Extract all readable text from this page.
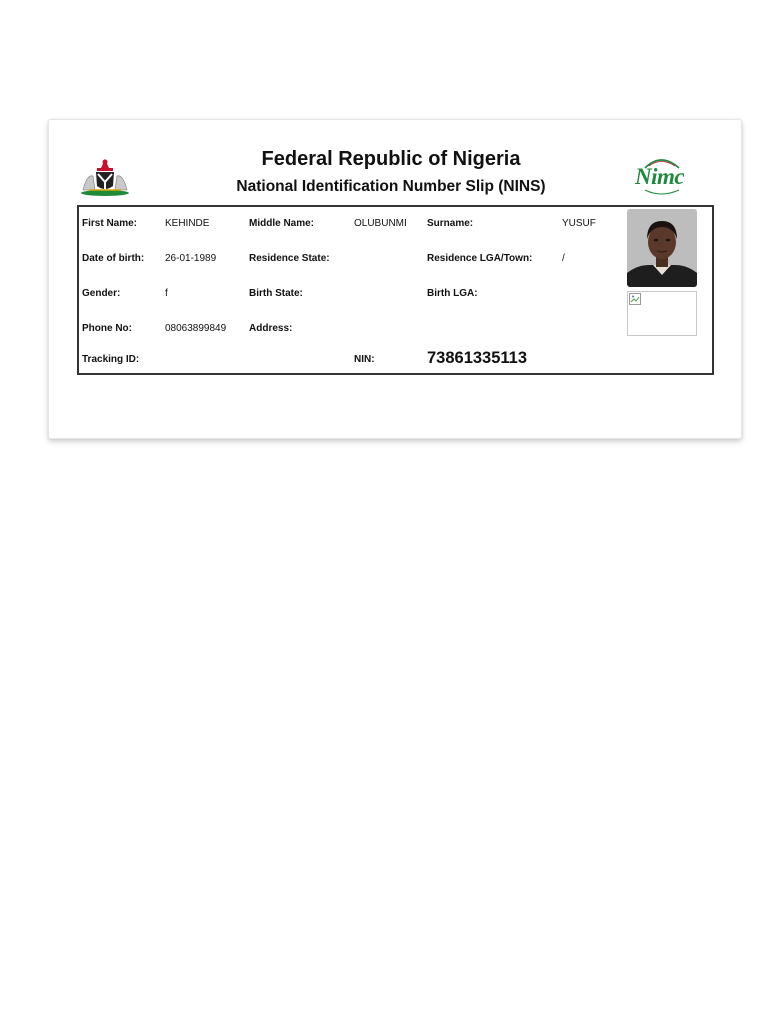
Federal Republic of Nigeria
National Identification Number Slip (NINS)	Nimc
First Name:	KEHINDE	Middle Name:	OLUBUNMI Surname:	YUSUF
Date of birth: 26-01-1989	Residence State:	Residence LGA/Town:	/
Gender:	f	Birth State:	Birth LGA:
Phone No:	08063899849 Address:
Tracking ID:	NIN:	73861335113
